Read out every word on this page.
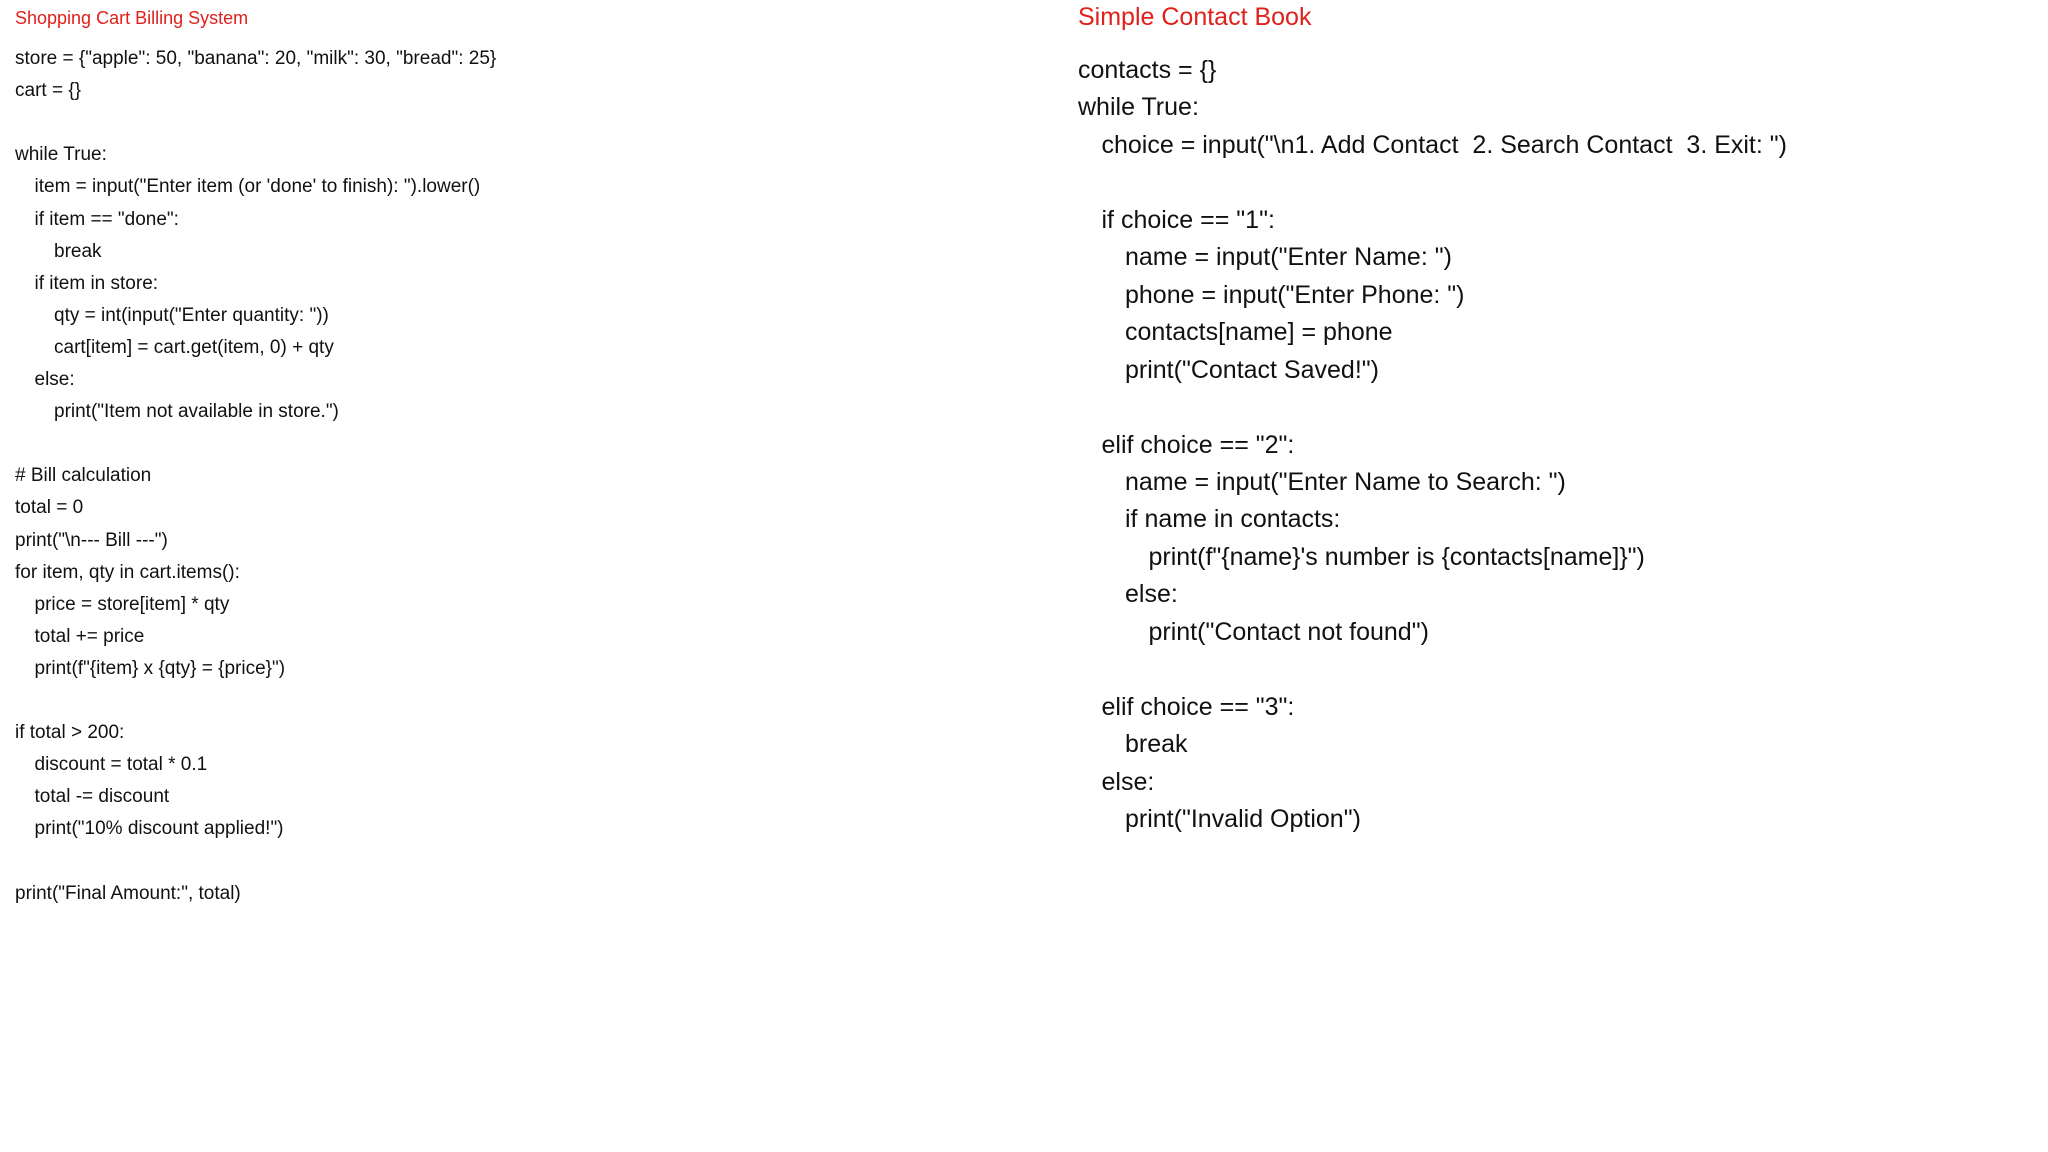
Shopping Cart Billing System
store = {"apple": 50, "banana": 20, "milk": 30, "bread": 25}
cart = {}
while True:
item = input("Enter item (or 'done' to finish): ").lower()
if item == "done":
break
if item in store:
qty = int(input("Enter quantity: "))
cart[item] = cart.get(item, 0) + qty
else:
print("Item not available in store.")
# Bill calculation
total = 0
print("\n--- Bill ---")
for item, qty in cart.items():
price = store[item] * qty
total += price
print(f"{item} x {qty} = {price}")
if total > 200:
discount = total * 0.1
total -= discount
print("10% discount applied!")
print("Final Amount:", total)
Simple Contact Book
contacts = {}
while True:
choice = input("\n1. Add Contact  2. Search Contact  3. Exit: ")
if choice == "1":
name = input("Enter Name: ")
phone = input("Enter Phone: ")
contacts[name] = phone
print("Contact Saved!")
elif choice == "2":
name = input("Enter Name to Search: ")
if name in contacts:
print(f"{name}'s number is {contacts[name]}")
else:
print("Contact not found")
elif choice == "3":
break
else:
print("Invalid Option")
